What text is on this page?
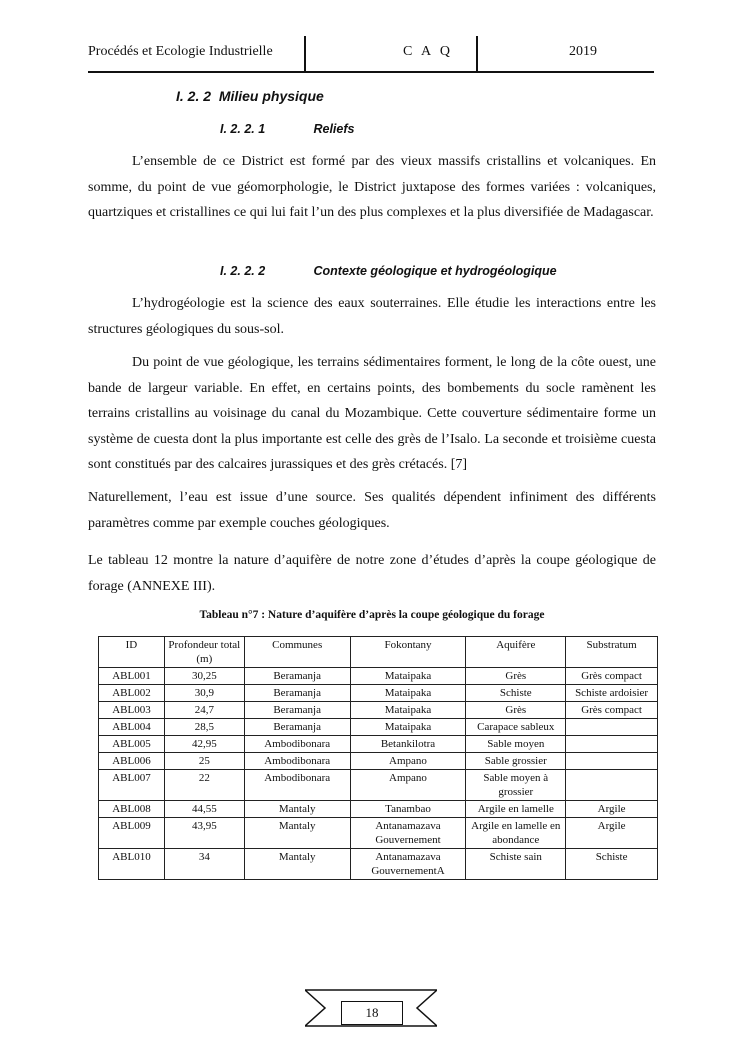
Procédés et Ecologie Industrielle	C A Q	2019
I. 2. 2 Milieu physique
I. 2. 2. 1	Reliefs

L’ensemble de ce District est formé par des vieux massifs cristallins et volcaniques. En somme, du point de vue géomorphologie, le District juxtapose des formes variées : volcaniques, quartziques et cristallines ce qui lui fait l’un des plus complexes et la plus diversifiée de Madagascar.

I. 2. 2. 2	Contexte géologique et hydrogéologique

L’hydrogéologie est la science des eaux souterraines. Elle étudie les interactions entre les structures géologiques du sous-sol.

Du point de vue géologique, les terrains sédimentaires forment, le long de la côte ouest, une bande de largeur variable. En effet, en certains points, des bombements du socle ramènent les terrains cristallins au voisinage du canal du Mozambique. Cette couverture sédimentaire forme un système de cuesta dont la plus importante est celle des grès de l’Isalo. La seconde et troisième cuesta sont constitués par des calcaires jurassiques et des grès crétacés. [7]

Naturellement, l’eau est issue d’une source. Ses qualités dépendent infiniment des différents paramètres comme par exemple couches géologiques.

Le tableau 12 montre la nature d’aquifère de notre zone d’études d’après la coupe géologique de forage (ANNEXE III).

Tableau n°7 : Nature d’aquifère d’après la coupe géologique du forage
ID	Profondeur total (m)	Communes	Fokontany	Aquifère	Substratum
ABL001	30,25	Beramanja	Mataipaka	Grès	Grès compact
ABL002	30,9	Beramanja	Mataipaka	Schiste	Schiste ardoisier
ABL003	24,7	Beramanja	Mataipaka	Grès	Grès compact
ABL004	28,5	Beramanja	Mataipaka	Carapace sableux	
ABL005	42,95	Ambodibonara	Betankilotra	Sable moyen	
ABL006	25	Ambodibonara	Ampano	Sable grossier	
ABL007	22	Ambodibonara	Ampano	Sable moyen à grossier	
ABL008	44,55	Mantaly	Tanambao	Argile en lamelle	Argile
ABL009	43,95	Mantaly	Antanamazava Gouvernement	Argile en lamelle en abondance	Argile
ABL010	34	Mantaly	Antanamazava GouvernementA	Schiste sain	Schiste
18
